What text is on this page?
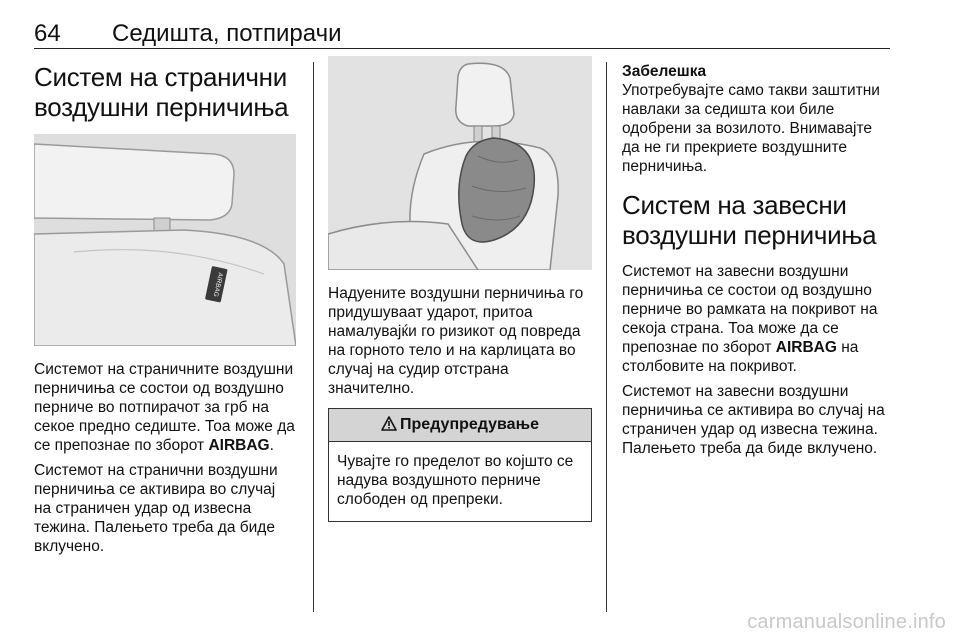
64 Седишта, потпирачи
Систем на странични воздушни перничиња
AIRBAG

Системот на страничните воздушни перничиња се состои од воздушно перниче во потпирачот за грб на секое предно седиште. Тоа може да се препознае по зборот AIRBAG.

Системот на странични воздушни перничиња се активира во случај на страничен удар од извесна тежина. Палењето треба да биде вклучено.

Надуените воздушни перничиња го придушуваат ударот, притоа намалувајќи го ризикот од повреда на горното тело и на карлицата во случај на судир отстрана значително.

Предупредување

Чувајте го пределот во којшто се надува воздушното перниче слободен од препреки.

Забелешка

Употребувајте само такви заштитни навлаки за седишта кои биле одобрени за возилото. Внимавајте да не ги прекриете воздушните перничиња.

Систем на завесни воздушни перничиња

Системот на завесни воздушни перничиња се состои од воздушно перниче во рамката на покривот на секоја страна. Тоа може да се препознае по зборот AIRBAG на столбовите на покривот.

Системот на завесни воздушни перничиња се активира во случај на страничен удар од извесна тежина. Палењето треба да биде вклучено.

carmanualsonline.info
